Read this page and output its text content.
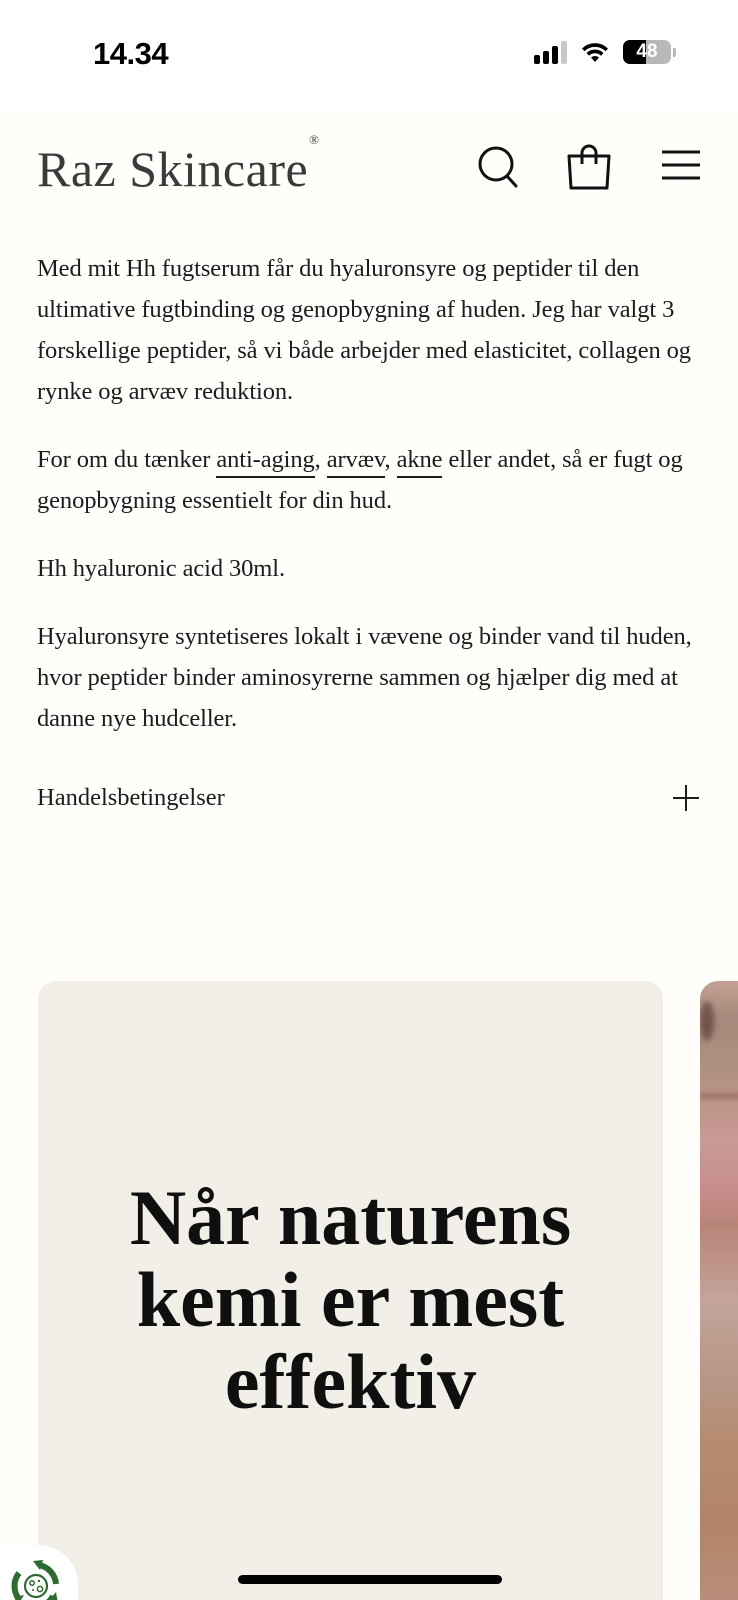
14.34	48
Raz Skincare®

Med mit Hh fugtserum får du hyaluronsyre og peptider til den ultimative fugtbinding og genopbygning af huden. Jeg har valgt 3 forskellige peptider, så vi både arbejder med elasticitet, collagen og rynke og arvæv reduktion.

For om du tænker anti-aging, arvæv, akne eller andet, så er fugt og genopbygning essentielt for din hud.

Hh hyaluronic acid 30ml.

Hyaluronsyre syntetiseres lokalt i vævene og binder vand til huden, hvor peptider binder aminosyrerne sammen og hjælper dig med at danne nye hudceller.

Handelsbetingelser
Når naturens kemi er mest effektiv
